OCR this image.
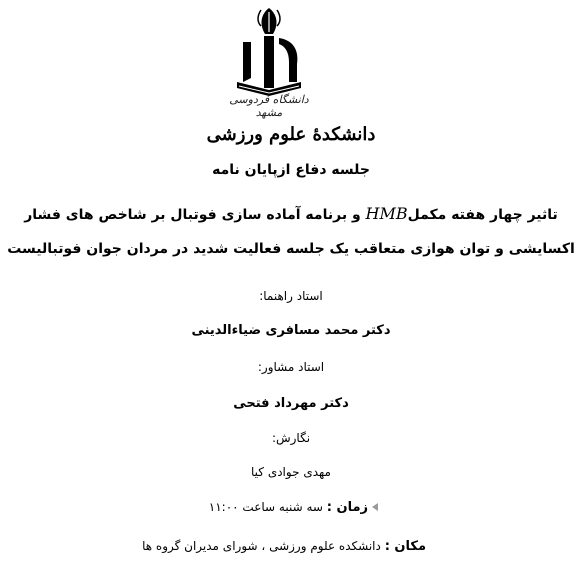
دانشگاه فردوسی مشهد
دانشکدۀ علوم ورزشی
جلسه دفاع ازپایان نامه
تاثیر چهار هفته مکملHMB و برنامه آماده سازی فوتبال بر شاخص های فشار
اکسایشی و توان هوازی متعاقب یک جلسه فعالیت شدید در مردان جوان فوتبالیست
استاد راهنما:
دکتر محمد مسافری ضیاءالدینی
استاد مشاور:
دکتر مهرداد فتحی
نگارش:
مهدی جوادی کیا
زمان : سه شنبه ساعت ۱۱:۰۰
مکان : دانشکده علوم ورزشی ، شورای مدیران گروه ها
